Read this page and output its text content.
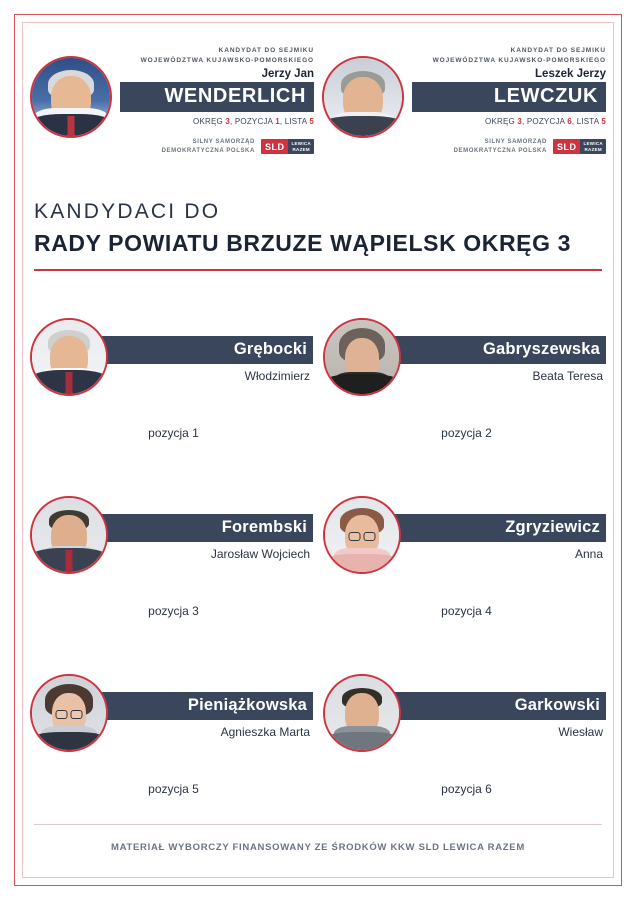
KANDYDAT DO SEJMIKU
WOJEWÓDZTWA KUJAWSKO-POMORSKIEGO
Jerzy Jan
WENDERLICH
OKRĘG 3, POZYCJA 1, LISTA 5
SILNY SAMORZĄD
DEMOKRATYCZNA POLSKA	SLD	LEWICA
RAZEM
KANDYDAT DO SEJMIKU
WOJEWÓDZTWA KUJAWSKO-POMORSKIEGO
Leszek Jerzy
LEWCZUK
OKRĘG 3, POZYCJA 6, LISTA 5
SILNY SAMORZĄD
DEMOKRATYCZNA POLSKA	SLD	LEWICA
RAZEM
KANDYDACI DO
RADY POWIATU BRZUZE WĄPIELSK OKRĘG 3
Grębocki
Włodzimierz
pozycja 1
Gabryszewska
Beata Teresa
pozycja 2
Forembski
Jarosław Wojciech
pozycja 3
Zgryziewicz
Anna
pozycja 4
Pieniążkowska
Agnieszka Marta
pozycja 5
Garkowski
Wiesław
pozycja 6
MATERIAŁ WYBORCZY FINANSOWANY ZE ŚRODKÓW KKW SLD LEWICA RAZEM
